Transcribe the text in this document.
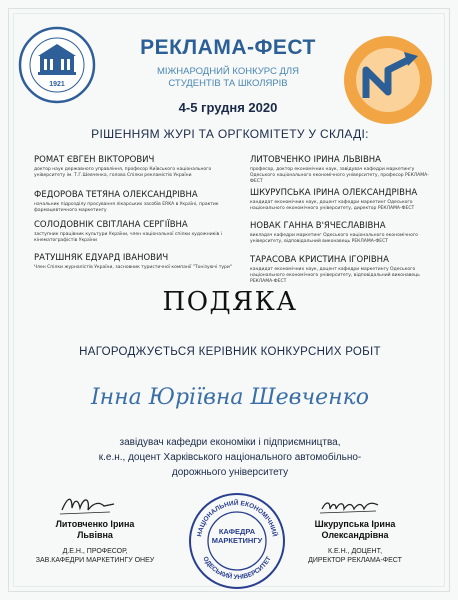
1921
РЕКЛАМА-ФЕСТ
МІЖНАРОДНИЙ КОНКУРС ДЛЯ
СТУДЕНТІВ ТА ШКОЛЯРІВ
4-5 грудня 2020
РІШЕННЯМ ЖУРІ ТА ОРГКОМІТЕТУ У СКЛАДІ:
РОМАТ ЄВГЕН ВІКТОРОВИЧ
доктор наук державного управління, професор Київського національного університету ім. Т.Г.Шевченка, голова Спілки рекламістів України
ФЕДОРОВА ТЕТЯНА ОЛЕКСАНДРІВНА
начальник підрозділу просування лікарських засобів ERKA в Україні, практик фармацевтичного маркетингу
СОЛОДОВНІК СВІТЛАНА СЕРГІЇВНА
заступник працівник культури України, член національної спілки художників і кінематографістів України
РАТУШНЯК ЕДУАРД ІВАНОВИЧ
Член Спілки журналістів України, засновник туристичної компанії "Тонізуючі тури"
ЛИТОВЧЕНКО ІРИНА ЛЬВІВНА
професор, доктор економічних наук, завідувач кафедри маркетингу Одеського національного економічного університету, професор РЕКЛАМА-ФЕСТ
ШКУРУПСЬКА ІРИНА ОЛЕКСАНДРІВНА
кандидат економічних наук, доцент кафедри маркетинг Одеського національного економічного університету, директор РЕКЛАМА-ФЕСТ
НОВАК ГАННА В'ЯЧЕСЛАВІВНА
викладач кафедри маркетинг Одеського національного економічного університету, відповідальний виконавець РЕКЛАМА-ФЕСТ
ТАРАСОВА КРИСТИНА ІГОРІВНА
кандидат економічних наук, доцент кафедри маркетингу Одеського національного економічного університету, відповідальний виконавець РЕКЛАМА-ФЕСТ
ПОДЯКА
НАГОРОДЖУЄТЬСЯ КЕРІВНИК КОНКУРСНИХ РОБІТ
Інна Юріївна Шевченко
завідувач кафедри економіки і підприємництва,
к.е.н., доцент Харківського національного автомобільно-
дорожнього університету
Литовченко Ірина
Львівна
Д.Е.Н., ПРОФЕСОР,
ЗАВ.КАФЕДРИ МАРКЕТИНГУ ОНЕУ
НАЦІОНАЛЬНИЙ ЕКОНОМІЧНИЙ
ОДЕСЬКИЙ УНІВЕРСИТЕТ
КАФЕДРА
МАРКЕТИНГУ
Шкурупська Ірина
Олександрівна
К.Е.Н., ДОЦЕНТ,
ДИРЕКТОР РЕКЛАМА-ФЕСТ
